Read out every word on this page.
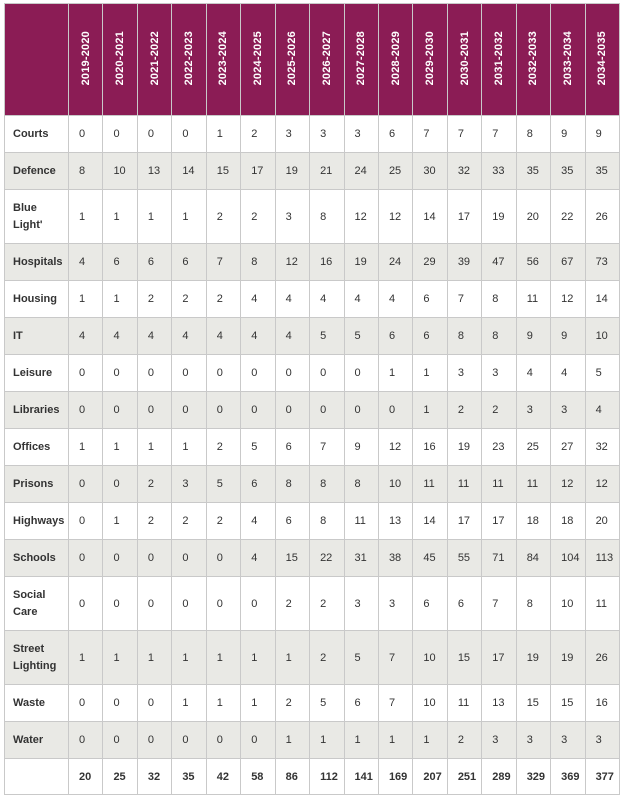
	2019-2020	2020-2021	2021-2022	2022-2023	2023-2024	2024-2025	2025-2026	2026-2027	2027-2028	2028-2029	2029-2030	2030-2031	2031-2032	2032-2033	2033-2034	2034-2035
Courts	0	0	0	0	1	2	3	3	3	6	7	7	7	8	9	9
Defence	8	10	13	14	15	17	19	21	24	25	30	32	33	35	35	35
Blue Light'	1	1	1	1	2	2	3	8	12	12	14	17	19	20	22	26
Hospitals	4	6	6	6	7	8	12	16	19	24	29	39	47	56	67	73
Housing	1	1	2	2	2	4	4	4	4	4	6	7	8	11	12	14
IT	4	4	4	4	4	4	4	5	5	6	6	8	8	9	9	10
Leisure	0	0	0	0	0	0	0	0	0	1	1	3	3	4	4	5
Libraries	0	0	0	0	0	0	0	0	0	0	1	2	2	3	3	4
Offices	1	1	1	1	2	5	6	7	9	12	16	19	23	25	27	32
Prisons	0	0	2	3	5	6	8	8	8	10	11	11	11	11	12	12
Highways	0	1	2	2	2	4	6	8	11	13	14	17	17	18	18	20
Schools	0	0	0	0	0	4	15	22	31	38	45	55	71	84	104	113
Social Care	0	0	0	0	0	0	2	2	3	3	6	6	7	8	10	11
Street Lighting	1	1	1	1	1	1	1	2	5	7	10	15	17	19	19	26
Waste	0	0	0	1	1	1	2	5	6	7	10	11	13	15	15	16
Water	0	0	0	0	0	0	1	1	1	1	1	2	3	3	3	3
	20	25	32	35	42	58	86	112	141	169	207	251	289	329	369	377
